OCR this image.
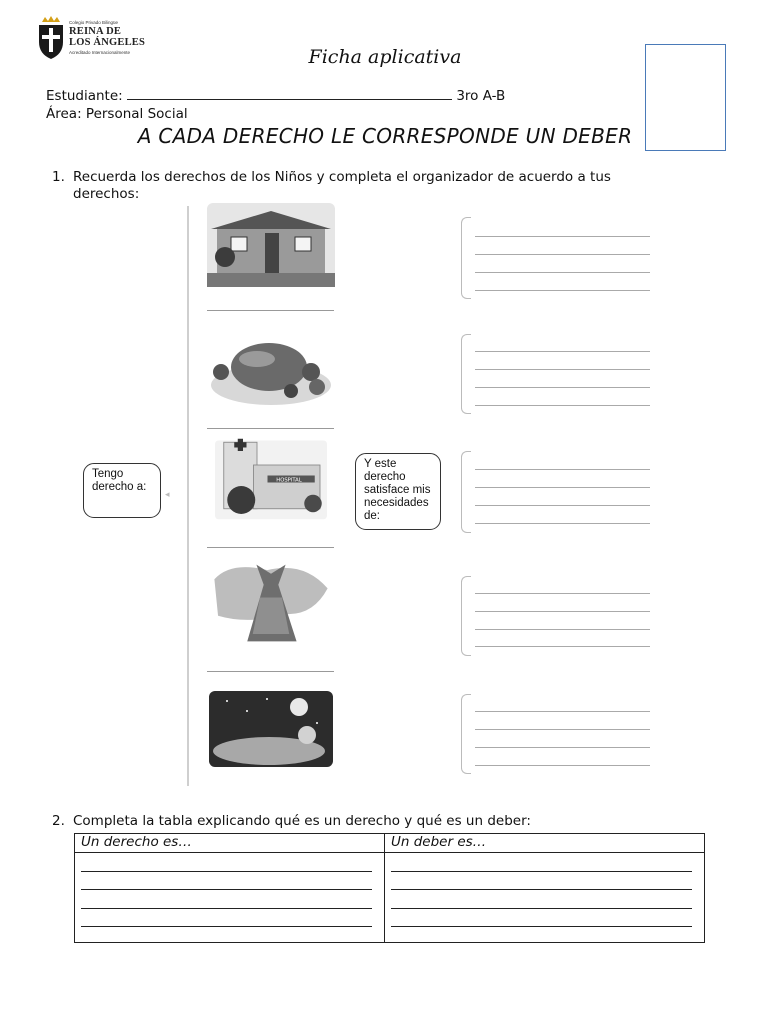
Colegio Privado Bilingüe
REINA DE
LOS ÁNGELES
Acreditado Internacionalmente	Ficha aplicativa
Estudiante:	3ro A-B
Área: Personal Social
A CADA DERECHO LE CORRESPONDE UN DEBER
1. Recuerda los derechos de los Niños y completa el organizador de acuerdo a tus
derechos:
Tengo
derecho a:
◂
Y este
derecho
satisface mis
necesidades
de:
HOSPITAL
2. Completa la tabla explicando qué es un derecho y qué es un deber:
Un derecho es…	Un deber es…
